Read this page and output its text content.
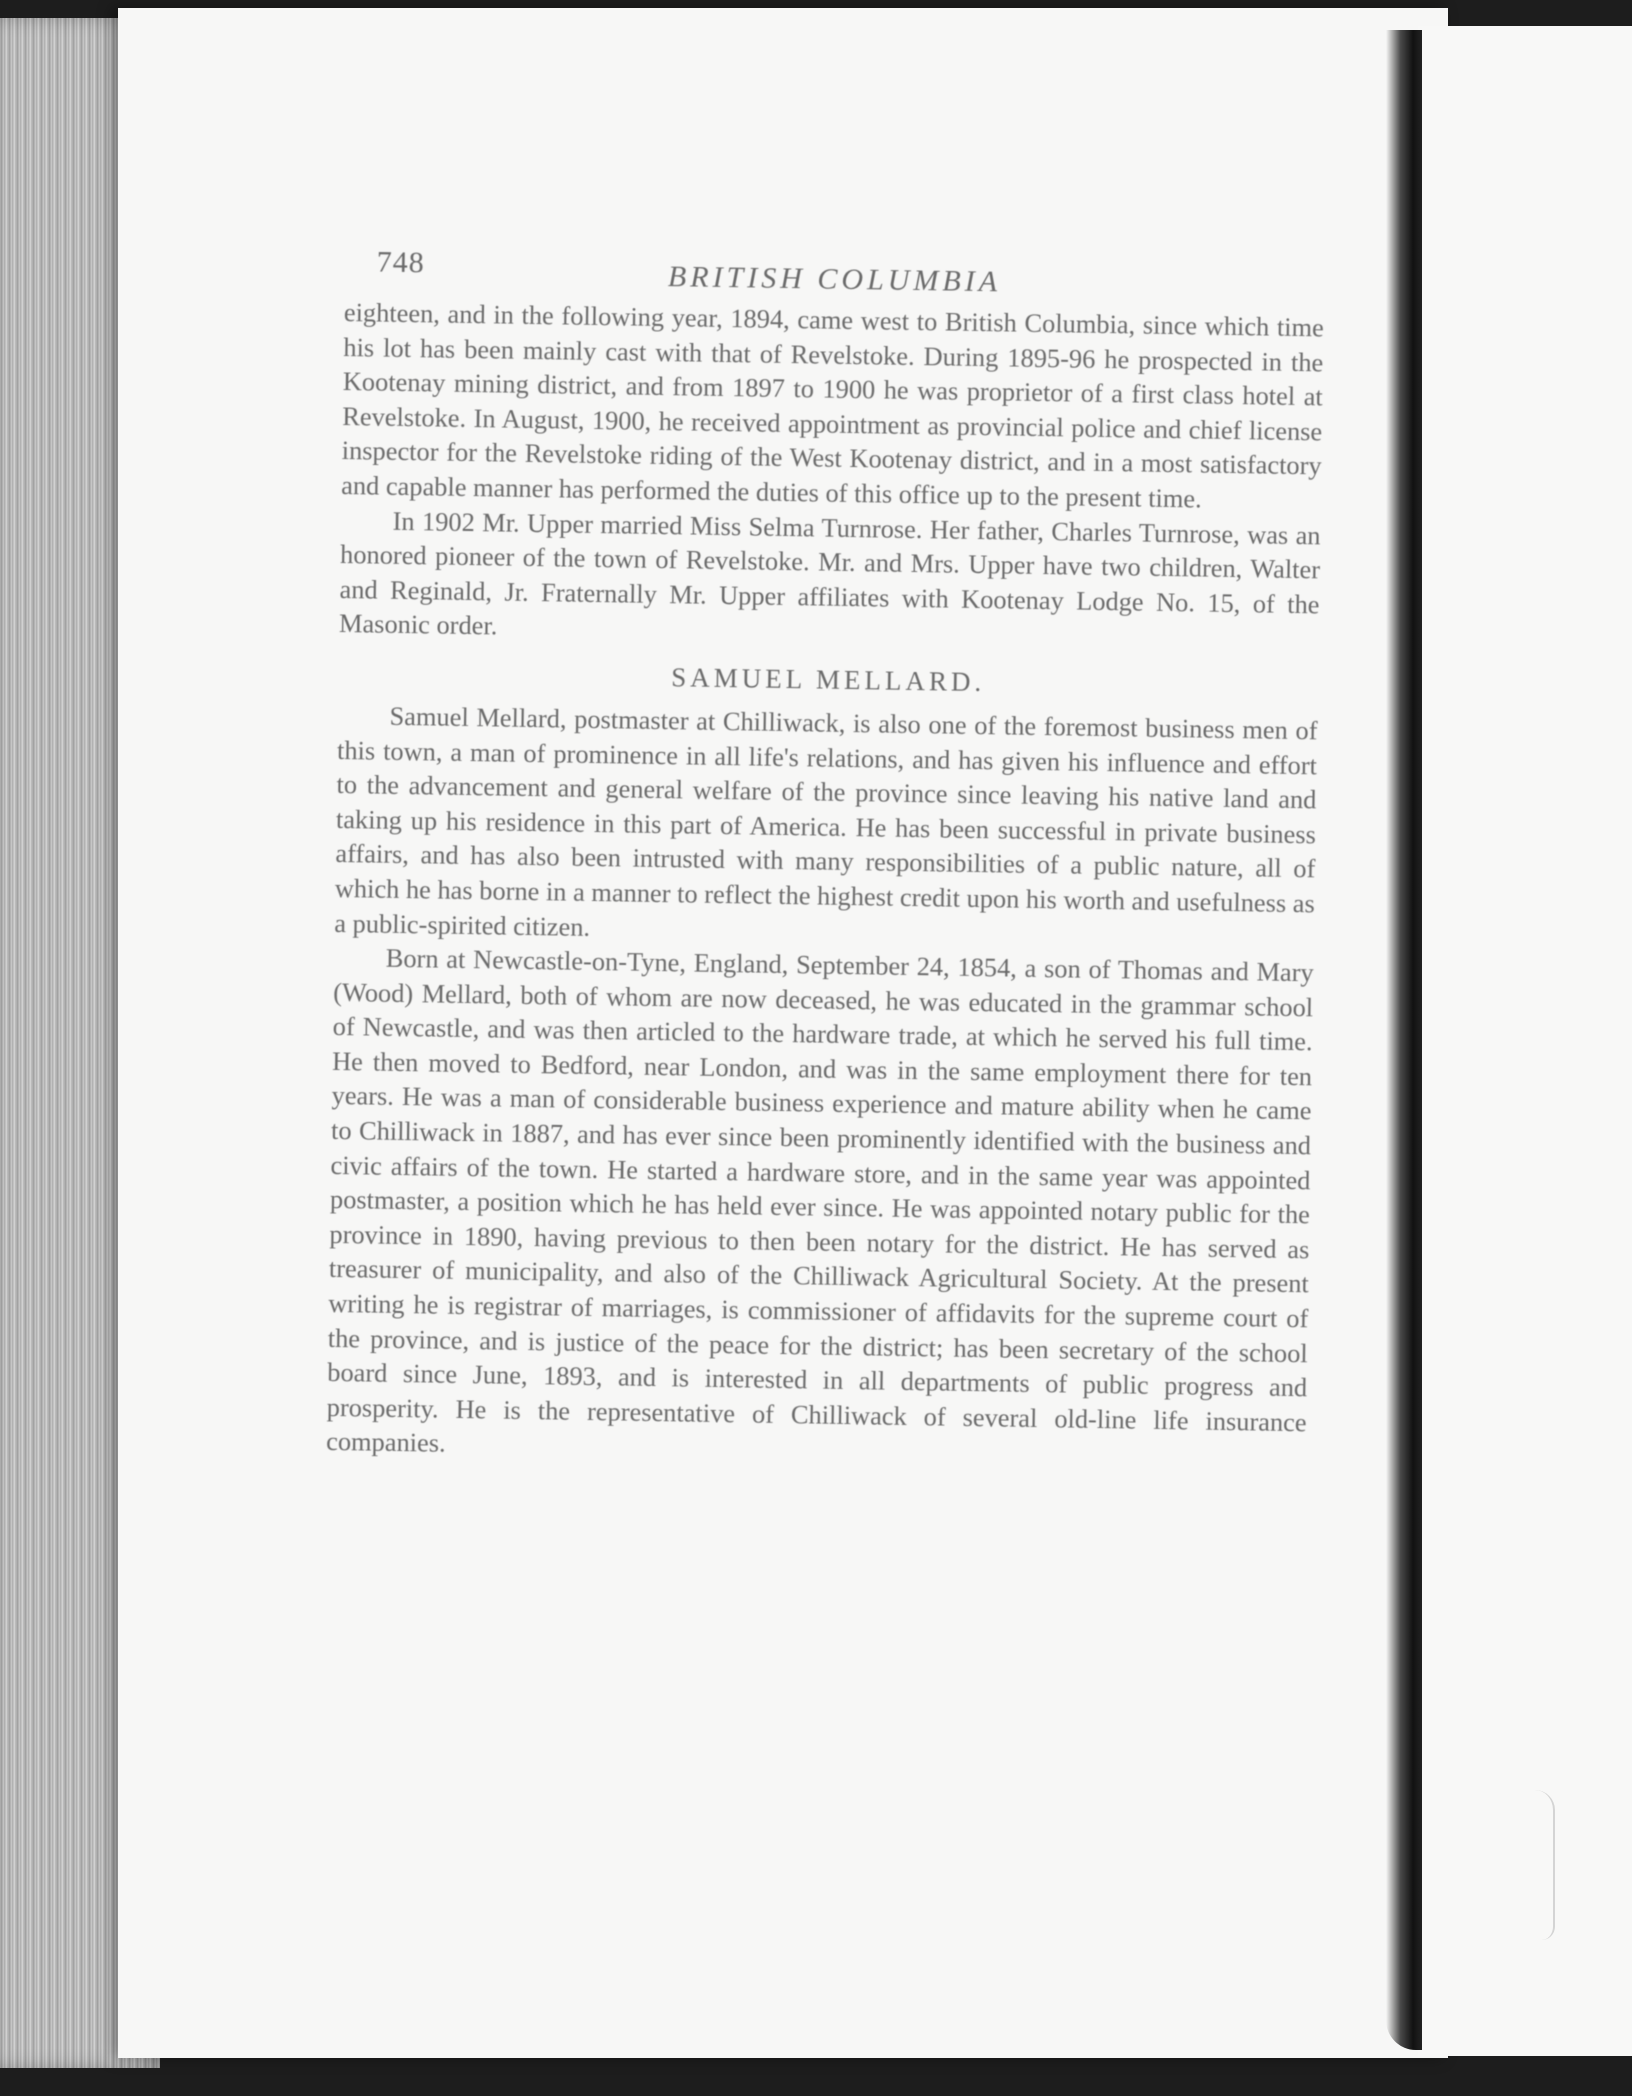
748	BRITISH COLUMBIA

eighteen, and in the following year, 1894, came west to British Columbia, since which time his lot has been mainly cast with that of Revelstoke. During 1895-96 he prospected in the Kootenay mining district, and from 1897 to 1900 he was proprietor of a first class hotel at Revelstoke. In August, 1900, he received appointment as provincial police and chief license inspector for the Revelstoke riding of the West Kootenay district, and in a most satisfactory and capable manner has performed the duties of this office up to the present time.

In 1902 Mr. Upper married Miss Selma Turnrose. Her father, Charles Turnrose, was an honored pioneer of the town of Revelstoke. Mr. and Mrs. Upper have two children, Walter and Reginald, Jr. Fraternally Mr. Upper affiliates with Kootenay Lodge No. 15, of the Masonic order.

SAMUEL MELLARD.

Samuel Mellard, postmaster at Chilliwack, is also one of the foremost business men of this town, a man of prominence in all life's relations, and has given his influence and effort to the advancement and general welfare of the province since leaving his native land and taking up his residence in this part of America. He has been successful in private business affairs, and has also been intrusted with many responsibilities of a public nature, all of which he has borne in a manner to reflect the highest credit upon his worth and usefulness as a public-spirited citizen.

Born at Newcastle-on-Tyne, England, September 24, 1854, a son of Thomas and Mary (Wood) Mellard, both of whom are now deceased, he was educated in the grammar school of Newcastle, and was then articled to the hardware trade, at which he served his full time. He then moved to Bedford, near London, and was in the same employment there for ten years. He was a man of considerable business experience and mature ability when he came to Chilliwack in 1887, and has ever since been prominently identified with the business and civic affairs of the town. He started a hardware store, and in the same year was appointed postmaster, a position which he has held ever since. He was appointed notary public for the province in 1890, having previous to then been notary for the district. He has served as treasurer of municipality, and also of the Chilliwack Agricultural Society. At the present writing he is registrar of marriages, is commissioner of affidavits for the supreme court of the province, and is justice of the peace for the district; has been secretary of the school board since June, 1893, and is interested in all departments of public progress and prosperity. He is the representative of Chilliwack of several old-line life insurance companies.
